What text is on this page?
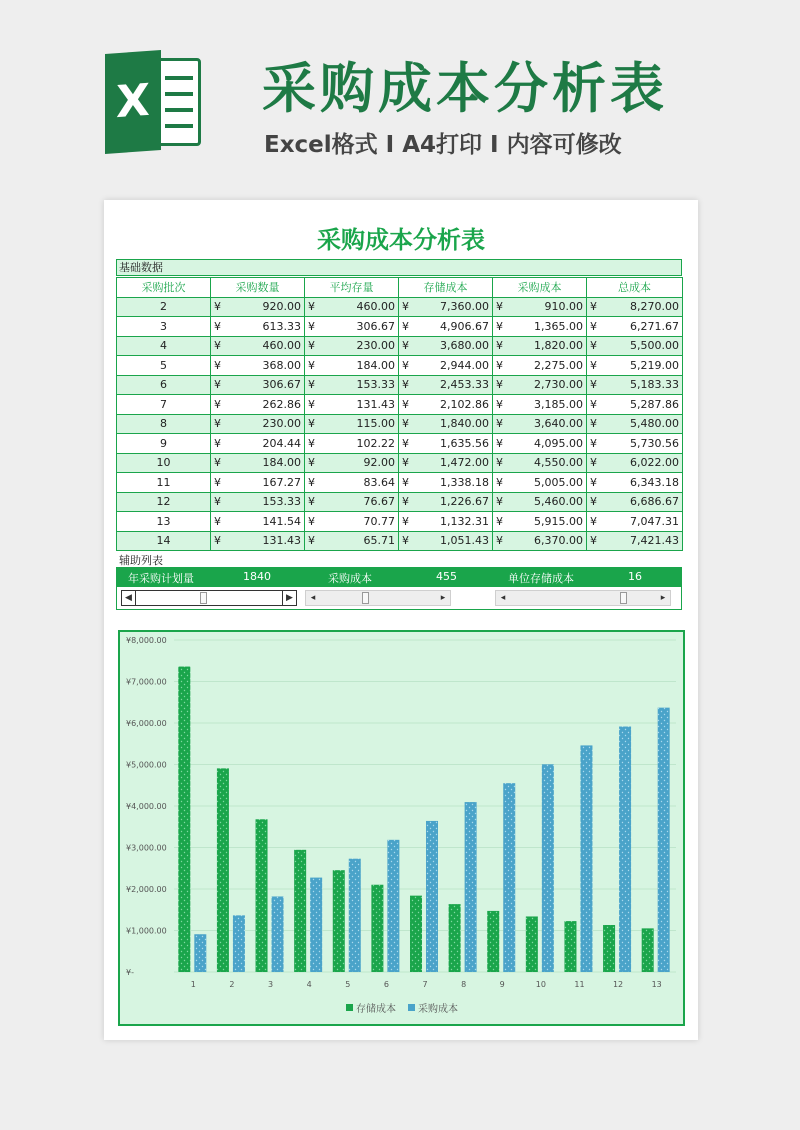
X 采购成本分析表
Excel格式 I A4打印 I 内容可修改
采购成本分析表
基础数据
采购批次	采购数量	平均存量	存储成本	采购成本	总成本
2	¥ 920.00	¥ 460.00	¥ 7,360.00	¥ 910.00	¥ 8,270.00

3	¥ 613.33	¥ 306.67	¥ 4,906.67	¥ 1,365.00	¥ 6,271.67

4	¥ 460.00	¥ 230.00	¥ 3,680.00	¥ 1,820.00	¥ 5,500.00

5	¥ 368.00	¥ 184.00	¥ 2,944.00	¥ 2,275.00	¥ 5,219.00

6	¥ 306.67	¥ 153.33	¥ 2,453.33	¥ 2,730.00	¥ 5,183.33

7	¥ 262.86	¥ 131.43	¥ 2,102.86	¥ 3,185.00	¥ 5,287.86

8	¥ 230.00	¥ 115.00	¥ 1,840.00	¥ 3,640.00	¥ 5,480.00

9	¥ 204.44	¥ 102.22	¥ 1,635.56	¥ 4,095.00	¥ 5,730.56

10	¥ 184.00	¥ 92.00	¥ 1,472.00	¥ 4,550.00	¥ 6,022.00

11	¥ 167.27	¥ 83.64	¥ 1,338.18	¥ 5,005.00	¥ 6,343.18

12	¥ 153.33	¥ 76.67	¥ 1,226.67	¥ 5,460.00	¥ 6,686.67

13	¥ 141.54	¥ 70.77	¥ 1,132.31	¥ 5,915.00	¥ 7,047.31

14	¥ 131.43	¥ 65.71	¥ 1,051.43	¥ 6,370.00	¥ 7,421.43
辅助列表
年采购计划量	1840	采购成本	455	单位存储成本	16
◀	▶	◂	▸	◂	▸
¥-
¥1,000.00
¥2,000.00
¥3,000.00
¥4,000.00
¥5,000.00
¥6,000.00
¥7,000.00
¥8,000.00
1	2	3	4	5	6	7	8	9	10	11	12	13
存储成本 采购成本
